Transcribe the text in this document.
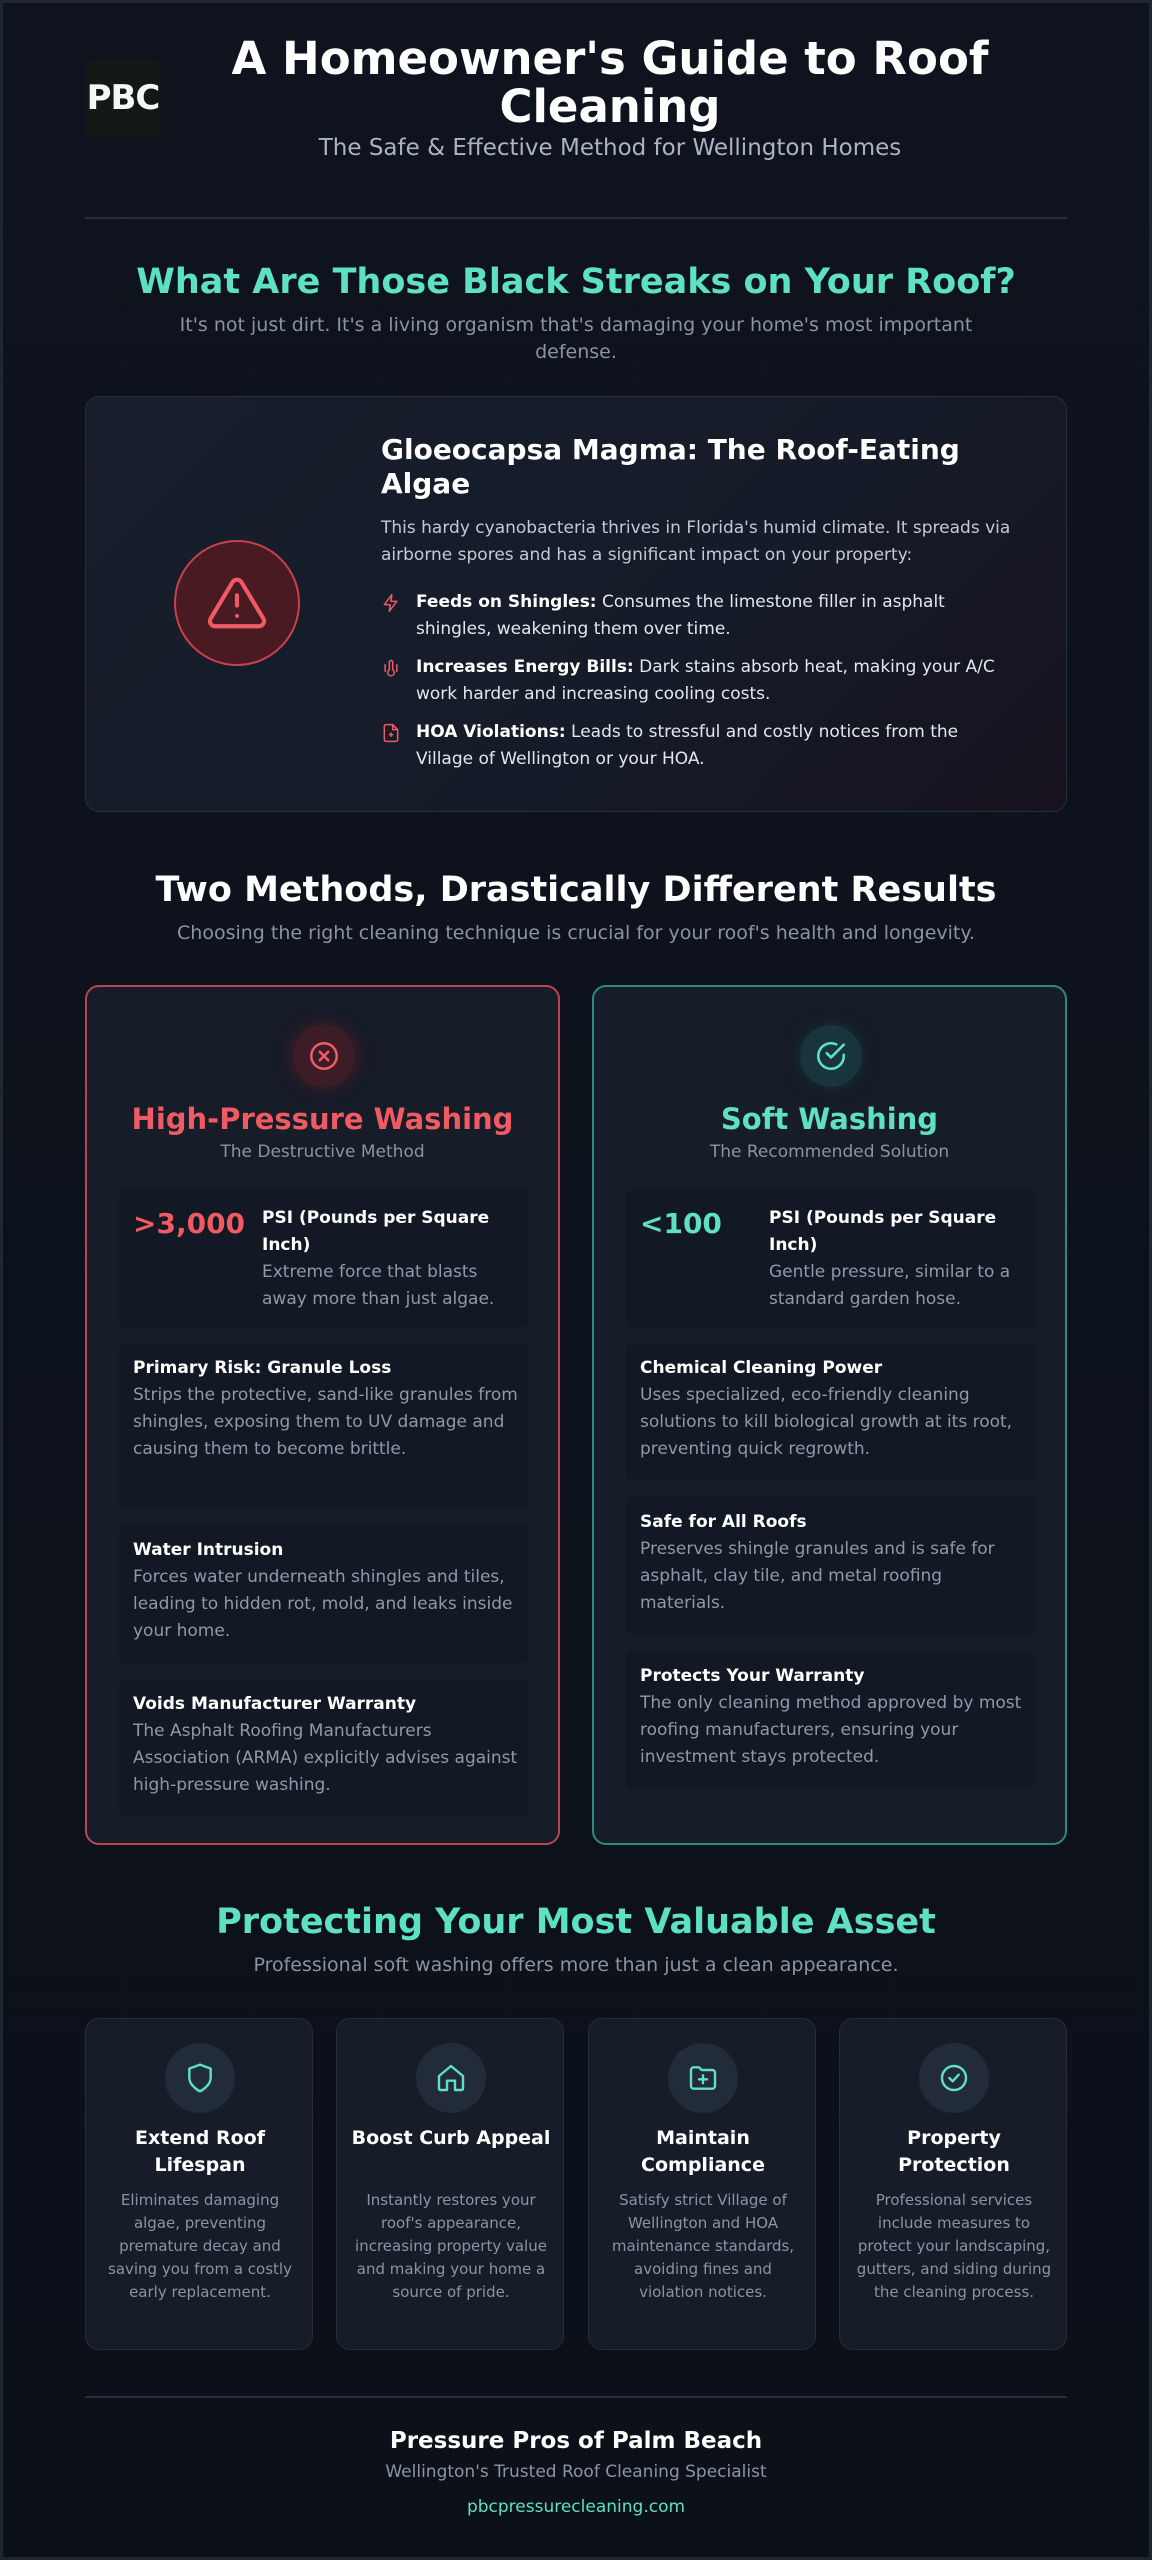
PBC
A Homeowner's Guide to Roof Cleaning
The Safe & Effective Method for Wellington Homes
What Are Those Black Streaks on Your Roof?
It's not just dirt. It's a living organism that's damaging your home's most important defense.
Gloeocapsa Magma: The Roof-Eating Algae
This hardy cyanobacteria thrives in Florida's humid climate. It spreads via airborne spores and has a significant impact on your property:
Feeds on Shingles: Consumes the limestone filler in asphalt shingles, weakening them over time.
Increases Energy Bills: Dark stains absorb heat, making your A/C work harder and increasing cooling costs.
HOA Violations: Leads to stressful and costly notices from the Village of Wellington or your HOA.
Two Methods, Drastically Different Results
Choosing the right cleaning technique is crucial for your roof's health and longevity.
High-Pressure Washing
The Destructive Method
>3,000 PSI (Pounds per Square Inch)
Extreme force that blasts away more than just algae.
Primary Risk: Granule Loss
Strips the protective, sand-like granules from shingles, exposing them to UV damage and causing them to become brittle.
Water Intrusion
Forces water underneath shingles and tiles, leading to hidden rot, mold, and leaks inside your home.
Voids Manufacturer Warranty
The Asphalt Roofing Manufacturers Association (ARMA) explicitly advises against high-pressure washing.
Soft Washing
The Recommended Solution
<100	PSI (Pounds per Square Inch)
Gentle pressure, similar to a standard garden hose.
Chemical Cleaning Power
Uses specialized, eco-friendly cleaning solutions to kill biological growth at its root, preventing quick regrowth.
Safe for All Roofs
Preserves shingle granules and is safe for asphalt, clay tile, and metal roofing materials.
Protects Your Warranty
The only cleaning method approved by most roofing manufacturers, ensuring your investment stays protected.
Protecting Your Most Valuable Asset
Professional soft washing offers more than just a clean appearance.
Extend Roof Lifespan
Eliminates damaging algae, preventing premature decay and saving you from a costly early replacement.
Boost Curb Appeal
Instantly restores your roof's appearance, increasing property value and making your home a source of pride.
Maintain Compliance
Satisfy strict Village of Wellington and HOA maintenance standards, avoiding fines and violation notices.
Property Protection
Professional services include measures to protect your landscaping, gutters, and siding during the cleaning process.
Pressure Pros of Palm Beach
Wellington's Trusted Roof Cleaning Specialist
pbcpressurecleaning.com
